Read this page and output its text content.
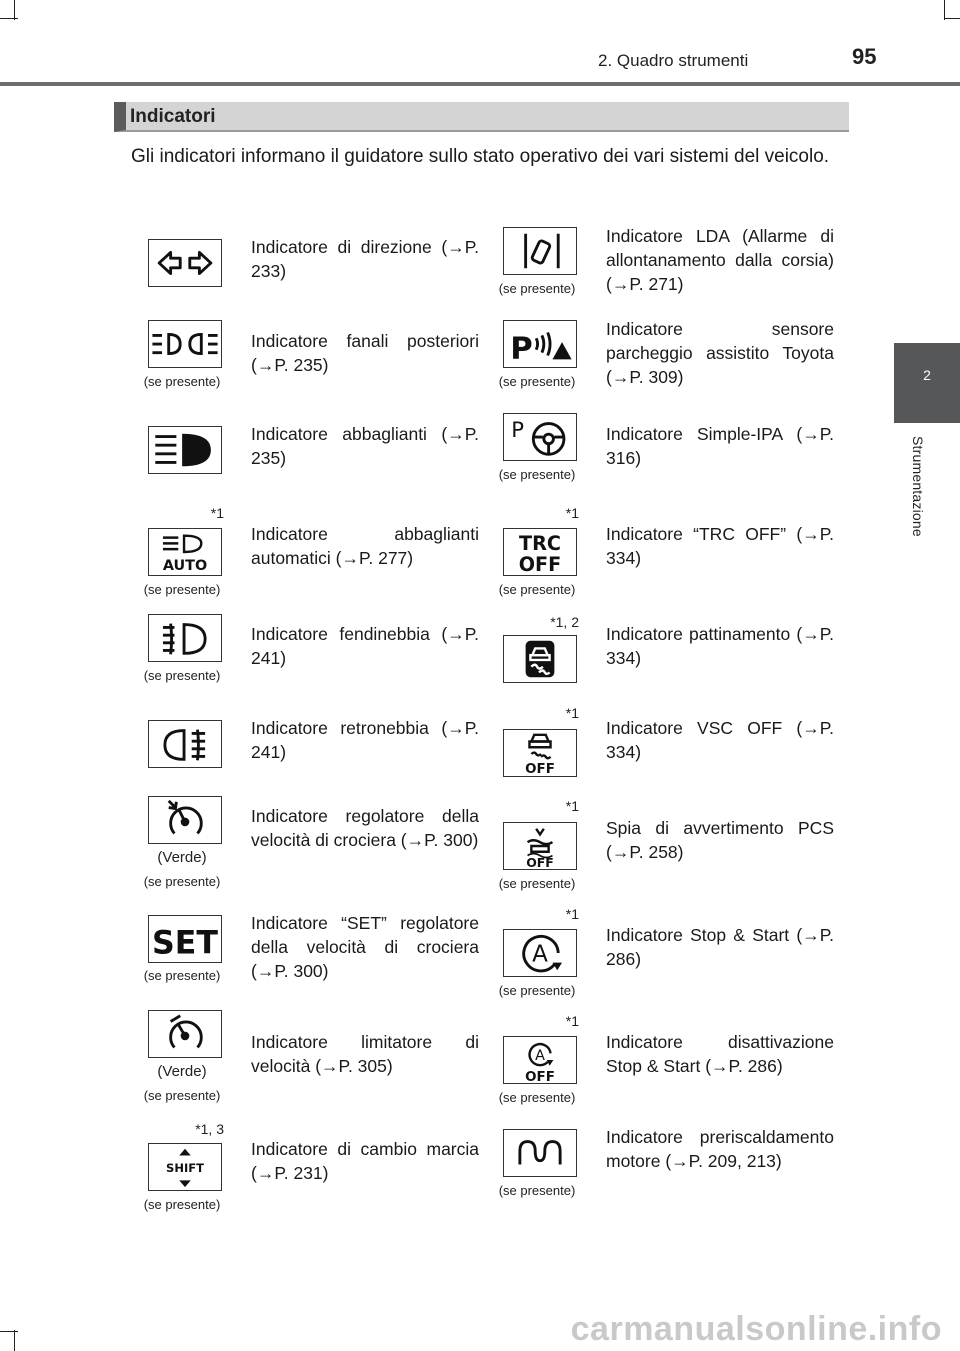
2. Quadro strumenti	95
2
Strumentazione
Indicatori
Gli indicatori informano il guidatore sullo stato operativo dei vari sistemi del veicolo.
Indicatore di direzione (→P. 233)
(se presente)
Indicatore fanali posteriori (→P. 235)
Indicatore abbaglianti (→P. 235)
*1
AUTO
(se presente)
Indicatore abbaglianti automatici (→P. 277)
(se presente)
Indicatore fendinebbia (→P. 241)
Indicatore retronebbia (→P. 241)
(Verde)
(se presente)
Indicatore regolatore della velocità di crociera (→P. 300)
SET
(se presente)
Indicatore “SET” regolatore della velocità di crociera (→P. 300)
(Verde)
(se presente)
Indicatore limitatore di velocità (→P. 305)
*1, 3
SHIFT
(se presente)
Indicatore di cambio marcia (→P. 231)
(se presente)
Indicatore LDA (Allarme di allontanamento dalla corsia) (→P. 271)
P
(se presente)
Indicatore sensore parcheggio assistito Toyota (→P. 309)
P
(se presente)
Indicatore Simple-IPA (→P. 316)
*1
TRC
OFF
(se presente)
Indicatore “TRC OFF” (→P. 334)
*1, 2
Indicatore pattinamento (→P. 334)
*1
OFF
Indicatore VSC OFF (→P. 334)
*1
OFF
(se presente)
Spia di avvertimento PCS (→P. 258)
*1
A
(se presente)
Indicatore Stop & Start (→P. 286)
*1
A
OFF
(se presente)
Indicatore disattivazione Stop & Start (→P. 286)
(se presente)
Indicatore preriscaldamento motore (→P. 209, 213)
carmanualsonline.info
